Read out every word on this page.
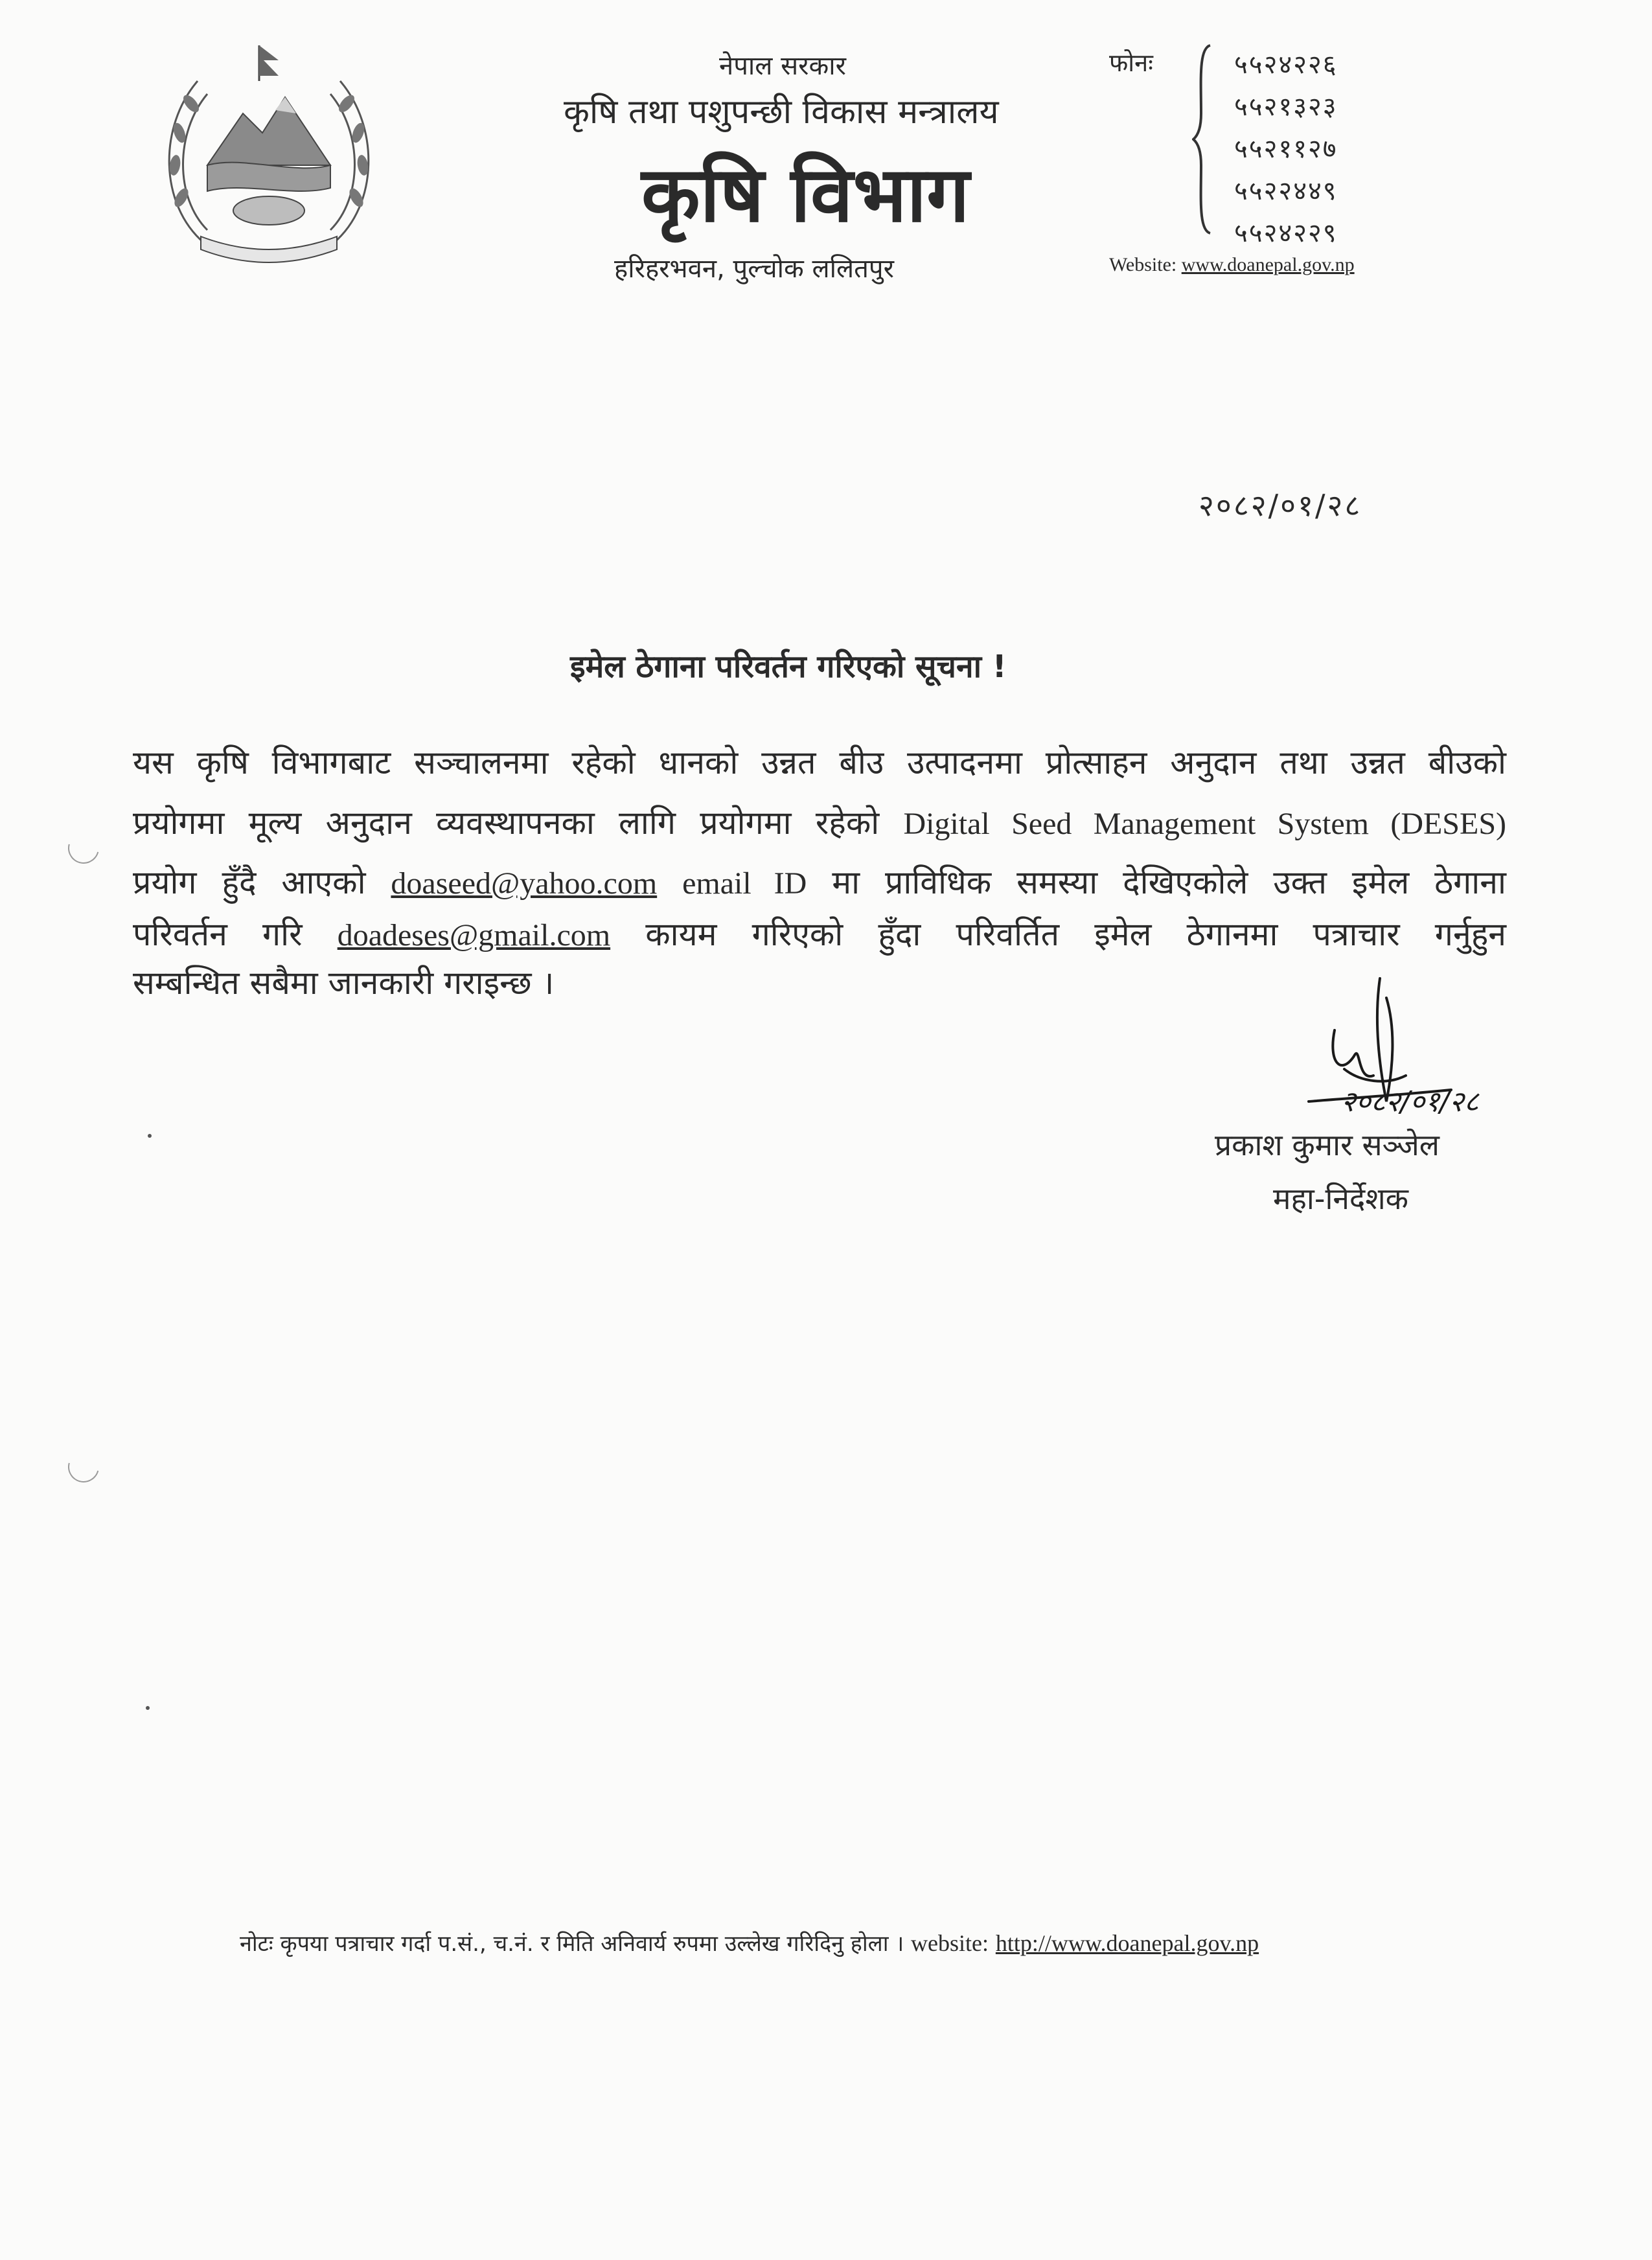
नेपाल सरकार
कृषि तथा पशुपन्छी विकास मन्त्रालय
कृषि विभाग
हरिहरभवन, पुल्चोक ललितपुर
फोनः	५५२४२२६
५५२१३२३
५५२११२७
५५२२४४९
५५२४२२९
Website: www.doanepal.gov.np
२०८२/०१/२८
इमेल ठेगाना परिवर्तन गरिएको सूचना !
यस कृषि विभागबाट सञ्चालनमा रहेको धानको उन्नत बीउ उत्पादनमा प्रोत्साहन अनुदान तथा उन्नत बीउको
प्रयोगमा मूल्य अनुदान व्यवस्थापनका लागि प्रयोगमा रहेको Digital Seed Management System (DESES)
प्रयोग हुँदै आएको doaseed@yahoo.com email ID मा प्राविधिक समस्या देखिएकोले उक्त इमेल ठेगाना
परिवर्तन गरि doadeses@gmail.com कायम गरिएको हुँदा परिवर्तित इमेल ठेगानमा पत्राचार गर्नुहुन
सम्बन्धित सबैमा जानकारी गराइन्छ ।
२०८२/०१/२८
प्रकाश कुमार सञ्जेल
महा-निर्देशक
नोटः कृपया पत्राचार गर्दा प.सं., च.नं. र मिति अनिवार्य रुपमा उल्लेख गरिदिनु होला । website: http://www.doanepal.gov.np
